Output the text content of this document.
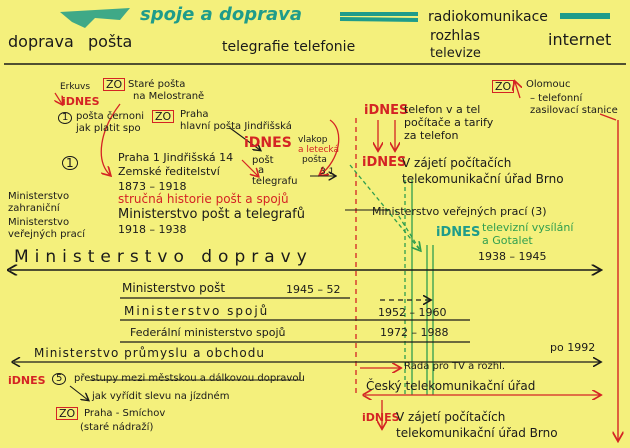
spoje a doprava
doprava pošta	telegrafie telefonie
radiokomunikace
rozhlas
televize
internet
Erkuvs ZO Staré pošta
na Melostraně
iDNES
1 pošta černoni
jak platit spo
ZO Praha
hlavní pošta Jindřišská
iDNES vlakop
a letecká
pošta
3.1
1	Praha 1 Jindřišská 14 pošt
a
Zemské ředitelství
telegrafu
1873 – 1918
stručná historie pošt a spojů
Ministerstvo pošt a telegrafů
1918 – 1938
Ministerstvo
zahraniční
Ministerstvo
veřejných prací
ZO	Olomouc
– telefonní
zasilovací stanice
iDNES
telefon v a tel
počítače a tarify
za telefon
iDNES
V zájetí počítačích
telekomunikační úřad Brno
Ministerstvo veřejných prací (3)
iDNES televizní vysílání
a Gotalet
1938 – 1945
Ministerstvo dopravy
Ministerstvo pošt	1945 – 52
Ministerstvo spojů	1952 – 1960
Federální ministerstvo spojů	1972 – 1988
po 1992
Ministerstvo průmyslu a obchodu
Rada pro TV a rozhl.
iDNES	5	přestupy mezi městskou a dálkovou dopravou
jak vyřídit slevu na jízdném
ZO Praha - Smíchov
(staré nádraží)
Český telekomunikační úřad
iDNES
V zájetí počítačích
telekomunikační úřad Brno
